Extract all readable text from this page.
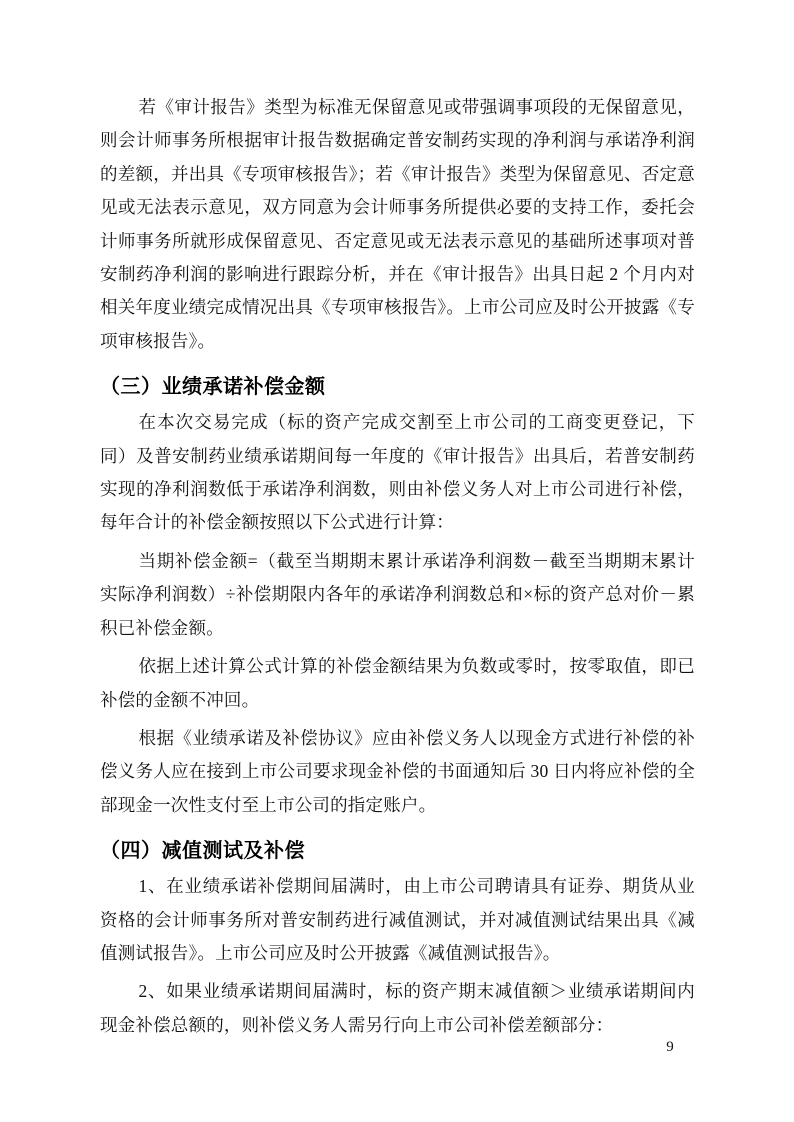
若《审计报告》类型为标准无保留意见或带强调事项段的无保留意见，则会计师事务所根据审计报告数据确定普安制药实现的净利润与承诺净利润的差额，并出具《专项审核报告》；若《审计报告》类型为保留意见、否定意见或无法表示意见，双方同意为会计师事务所提供必要的支持工作，委托会计师事务所就形成保留意见、否定意见或无法表示意见的基础所述事项对普安制药净利润的影响进行跟踪分析，并在《审计报告》出具日起 2 个月内对相关年度业绩完成情况出具《专项审核报告》。上市公司应及时公开披露《专项审核报告》。

（三）业绩承诺补偿金额

在本次交易完成（标的资产完成交割至上市公司的工商变更登记，下同）及普安制药业绩承诺期间每一年度的《审计报告》出具后，若普安制药实现的净利润数低于承诺净利润数，则由补偿义务人对上市公司进行补偿，每年合计的补偿金额按照以下公式进行计算：

当期补偿金额=（截至当期期末累计承诺净利润数－截至当期期末累计实际净利润数）÷补偿期限内各年的承诺净利润数总和×标的资产总对价－累积已补偿金额。

依据上述计算公式计算的补偿金额结果为负数或零时，按零取值，即已补偿的金额不冲回。

根据《业绩承诺及补偿协议》应由补偿义务人以现金方式进行补偿的补偿义务人应在接到上市公司要求现金补偿的书面通知后 30 日内将应补偿的全部现金一次性支付至上市公司的指定账户。

（四）减值测试及补偿

1、在业绩承诺补偿期间届满时，由上市公司聘请具有证券、期货从业资格的会计师事务所对普安制药进行减值测试，并对减值测试结果出具《减值测试报告》。上市公司应及时公开披露《减值测试报告》。

2、如果业绩承诺期间届满时，标的资产期末减值额＞业绩承诺期间内现金补偿总额的，则补偿义务人需另行向上市公司补偿差额部分：

9
